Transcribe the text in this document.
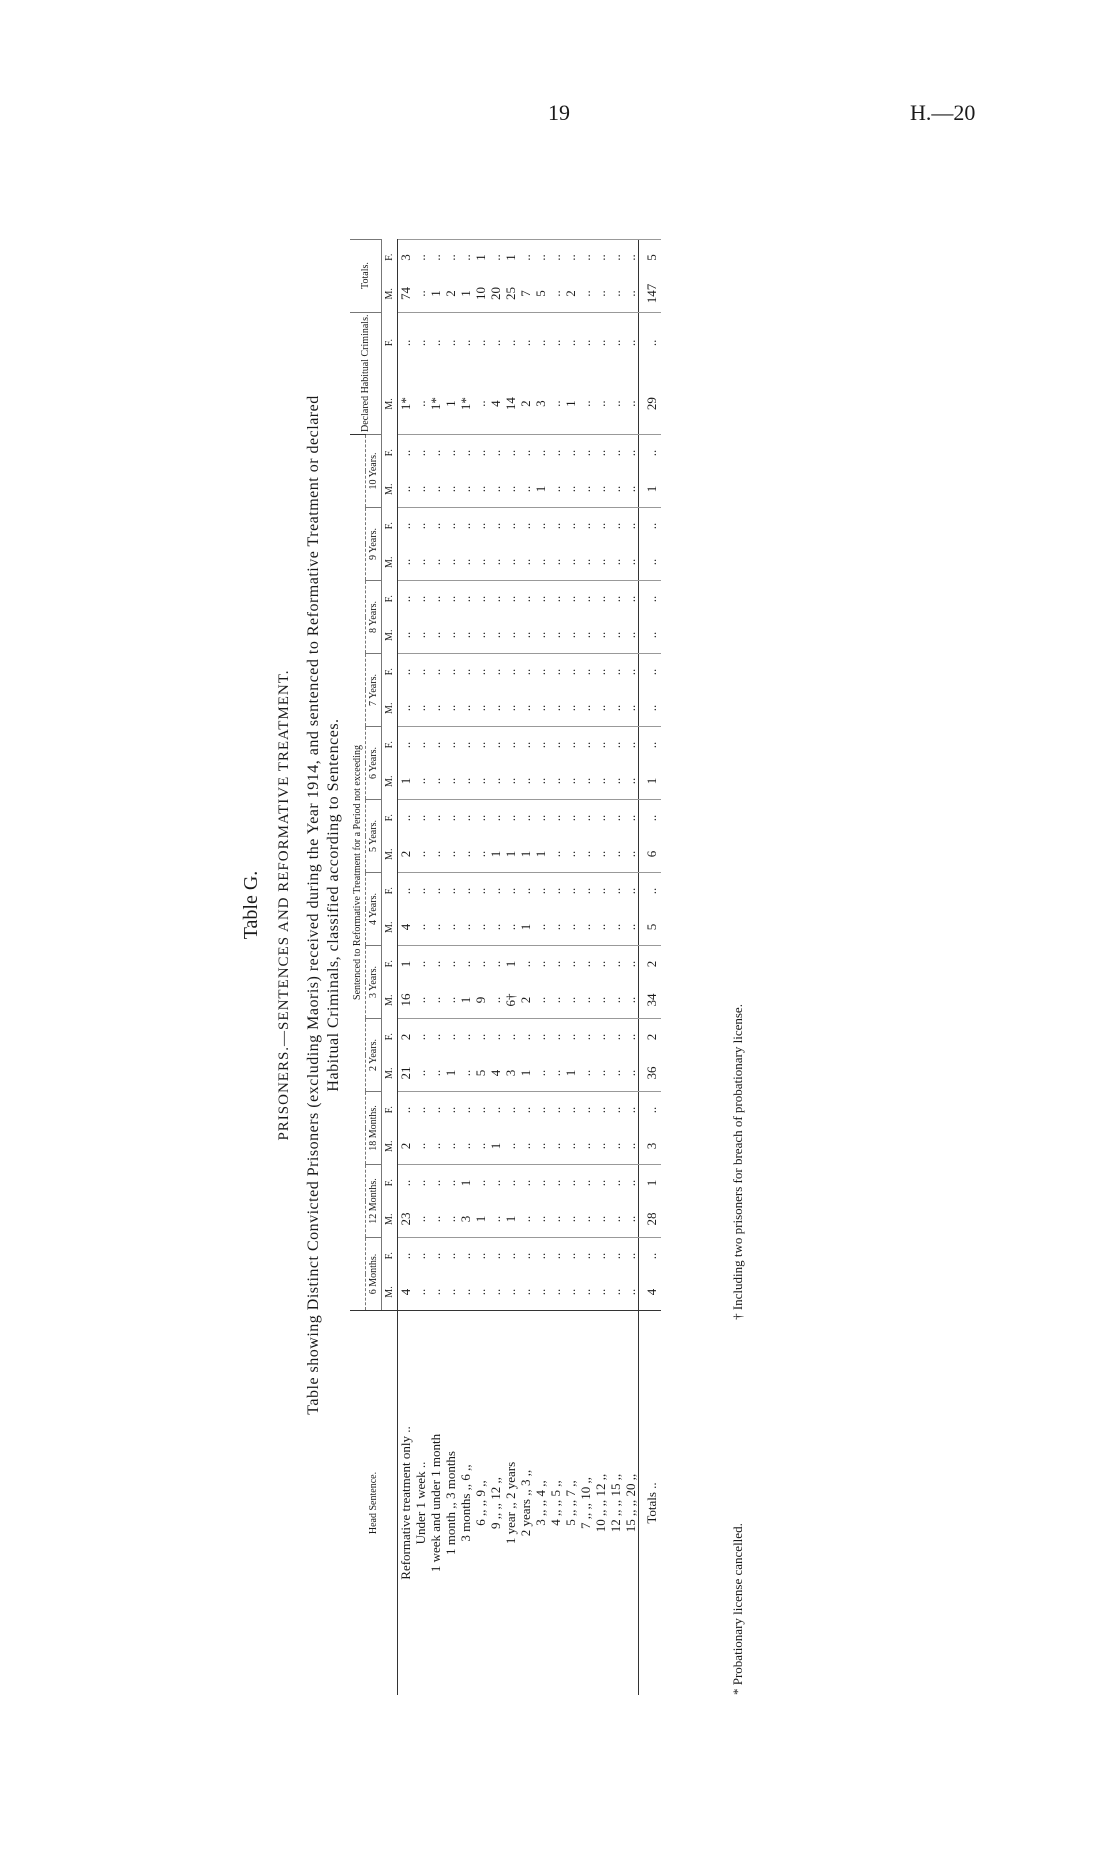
19	H.—20
Table G. PRISONERS.—SENTENCES AND REFORMATIVE TREATMENT. Table showing Distinct Convicted Prisoners (excluding Maoris) received during the Year 1914, and sentenced to Reformative Treatment or declared Habitual Criminals, classified according to Sentences.
Head Sentence.	Sentenced to Reformative Treatment for a Period not exceeding																								Declared Habitual Criminals.		Totals.	
	6 Months.		12 Months.		18 Months.		2 Years.		3 Years.		4 Years.		5 Years.		6 Years.		7 Years.		8 Years.		9 Years.		10 Years.					
	M.	F.	M.	F.	M.	F.	M.	F.	M.	F.	M.	F.	M.	F.	M.	F.	M.	F.	M.	F.	M.	F.	M.	F.	M.	F.	M.	F.
Reformative treatment only ..	4	..	23	..	2	..	21	2	16	1	4	..	2	..	1	..	..	..	..	..	..	..	..	..	1*	..	74	3
Under 1 week ..	..	..	..	..	..	..	..	..	..	..	..	..	..	..	..	..	..	..	..	..	..	..	..	..	..	..	..	..
1 week and under 1 month	..	..	..	..	..	..	..	..	..	..	..	..	..	..	..	..	..	..	..	..	..	..	..	..	1*	..	1	..
1 month ,, 3 months	..	..	..	..	..	..	1	..	..	..	..	..	..	..	..	..	..	..	..	..	..	..	..	..	1	..	2	..
3 months ,, 6 ,,	..	..	3	1	..	..	..	..	1	..	..	..	..	..	..	..	..	..	..	..	..	..	..	..	1*	..	1	..
6 ,, ,, 9 ,,	..	..	1	..	..	..	5	..	9	..	..	..	..	..	..	..	..	..	..	..	..	..	..	..	..	..	10	1
9 ,, ,, 12 ,,	..	..	..	..	1	..	4	..	..	..	..	..	1	..	..	..	..	..	..	..	..	..	..	..	4	..	20	..
1 year ,, 2 years	..	..	1	..	..	..	3	..	6†	1	..	..	1	..	..	..	..	..	..	..	..	..	..	..	14	..	25	1
2 years ,, 3 ,,	..	..	..	..	..	..	1	..	2	..	1	..	1	..	..	..	..	..	..	..	..	..	..	..	2	..	7	..
3 ,, ,, 4 ,,	..	..	..	..	..	..	..	..	..	..	..	..	1	..	..	..	..	..	..	..	..	..	1	..	3	..	5	..
4 ,, ,, 5 ,,	..	..	..	..	..	..	..	..	..	..	..	..	..	..	..	..	..	..	..	..	..	..	..	..	..	..	..	..
5 ,, ,, 7 ,,	..	..	..	..	..	..	1	..	..	..	..	..	..	..	..	..	..	..	..	..	..	..	..	..	1	..	2	..
7 ,, ,, 10 ,,	..	..	..	..	..	..	..	..	..	..	..	..	..	..	..	..	..	..	..	..	..	..	..	..	..	..	..	..
10 ,, ,, 12 ,,	..	..	..	..	..	..	..	..	..	..	..	..	..	..	..	..	..	..	..	..	..	..	..	..	..	..	..	..
12 ,, ,, 15 ,,	..	..	..	..	..	..	..	..	..	..	..	..	..	..	..	..	..	..	..	..	..	..	..	..	..	..	..	..
15 ,, ,, 20 ,,	..	..	..	..	..	..	..	..	..	..	..	..	..	..	..	..	..	..	..	..	..	..	..	..	..	..	..	..
Totals ..	4	..	28	1	3	..	36	2	34	2	5	..	6	..	1	..	..	..	..	..	..	..	1	..	29	..	147	5
* Probationary license cancelled. † Including two prisoners for breach of probationary license.
